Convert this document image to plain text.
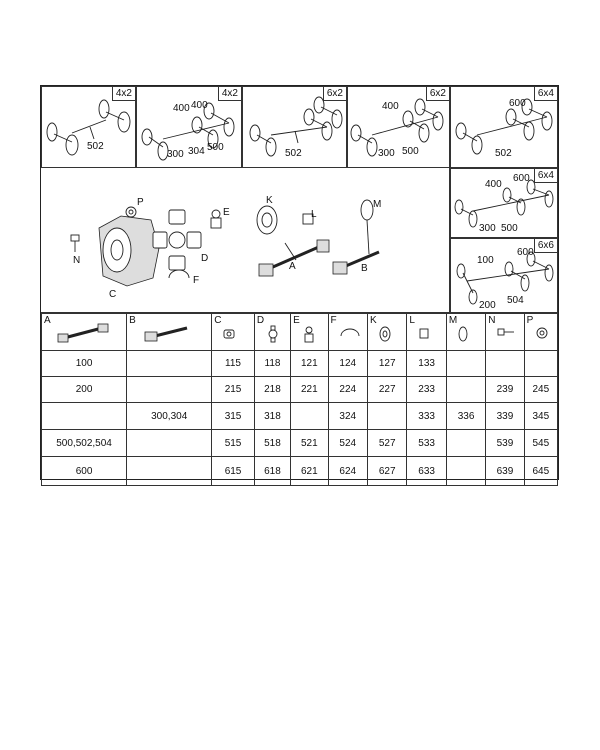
4x2
502
4x2
400 400
300 304 500
6x2
502
6x2
400
300 500
6x4
600
502
P
E
N	D
C
F
K
L
A
M
B
6x4
400
600
300 500
6x6
600
100
200 504
A	B	C	D	E	F	K	L	M	N	P

100		115	118	121	124	127	133			
200		215	218	221	224	227	233		239	245
	300,304	315	318		324		333	336	339	345
500,502,504		515	518	521	524	527	533		539	545
600		615	618	621	624	627	633		639	645
